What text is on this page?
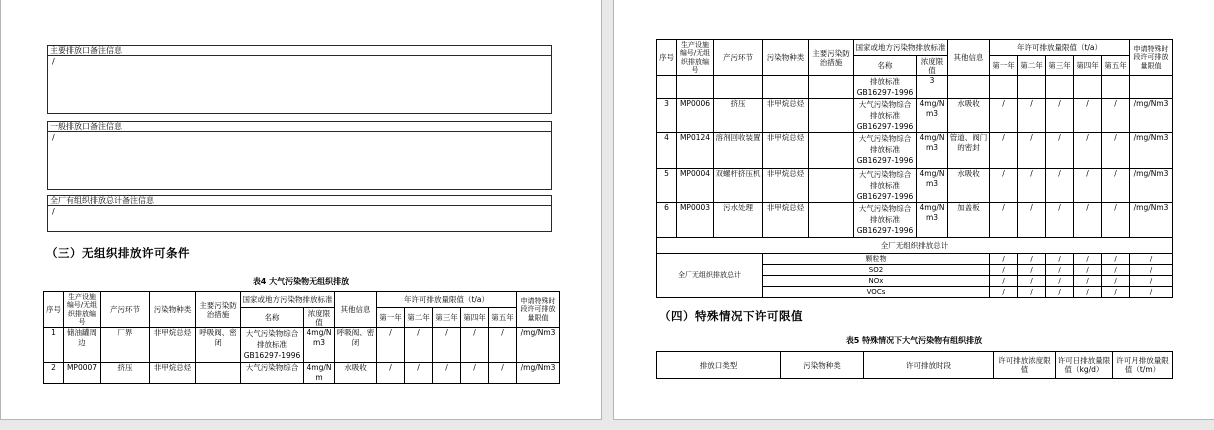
主要排放口备注信息
/
一般排放口备注信息
/
全厂有组织排放总计备注信息
/
（三）无组织排放许可条件
表4 大气污染物无组织排放
序号	生产设施编号/无组织排放编号	产污环节	污染物种类	主要污染防治措施	国家或地方污染物排放标准		其他信息	年许可排放量限值（t/a）					申请特殊时段许可排放量限值
					名称	浓度限值		第一年	第二年	第三年	第四年	第五年	
1	储油罐周边	厂界	非甲烷总烃	呼吸阀、密闭	大气污染物综合
排放标准
GB16297-1996	4mg/Nm3	呼吸阀、密闭	/	/	/	/	/	/mg/Nm3
2	MP0007	挤压	非甲烷总烃		大气污染物综合	4mg/Nm	水吸收	/	/	/	/	/	/mg/Nm3
序号	生产设施编号/无组织排放编号	产污环节	污染物种类	主要污染防治措施	国家或地方污染物排放标准		其他信息	年许可排放量限值（t/a）					申请特殊时段许可排放量限值
					名称	浓度限值		第一年	第二年	第三年	第四年	第五年	

					排放标准
GB16297-1996	3							
3	MP0006	挤压	非甲烷总烃		大气污染物综合
排放标准
GB16297-1996	4mg/Nm3	水吸收	/	/	/	/	/	/mg/Nm3
4	MP0124	溶剂回收装置	非甲烷总烃		大气污染物综合
排放标准
GB16297-1996	4mg/Nm3	管道、阀门的密封	/	/	/	/	/	/mg/Nm3
5	MP0004	双螺杆挤压机	非甲烷总烃		大气污染物综合
排放标准
GB16297-1996	4mg/Nm3	水吸收	/	/	/	/	/	/mg/Nm3
6	MP0003	污水处理	非甲烷总烃		大气污染物综合
排放标准
GB16297-1996	4mg/Nm3	加盖板	/	/	/	/	/	/mg/Nm3
全厂无组织排放总计													
全厂无组织排放总计			颗粒物					/	/	/	/	/	/
			SO2					/	/	/	/	/	/
			NOx					/	/	/	/	/	/
			VOCs					/	/	/	/	/	/
（四）特殊情况下许可限值
表5 特殊情况下大气污染物有组织排放
排放口类型	污染物种类	许可排放时段	许可排放浓度限值	许可日排放量限值（kg/d）	许可月排放量限值（t/m）
